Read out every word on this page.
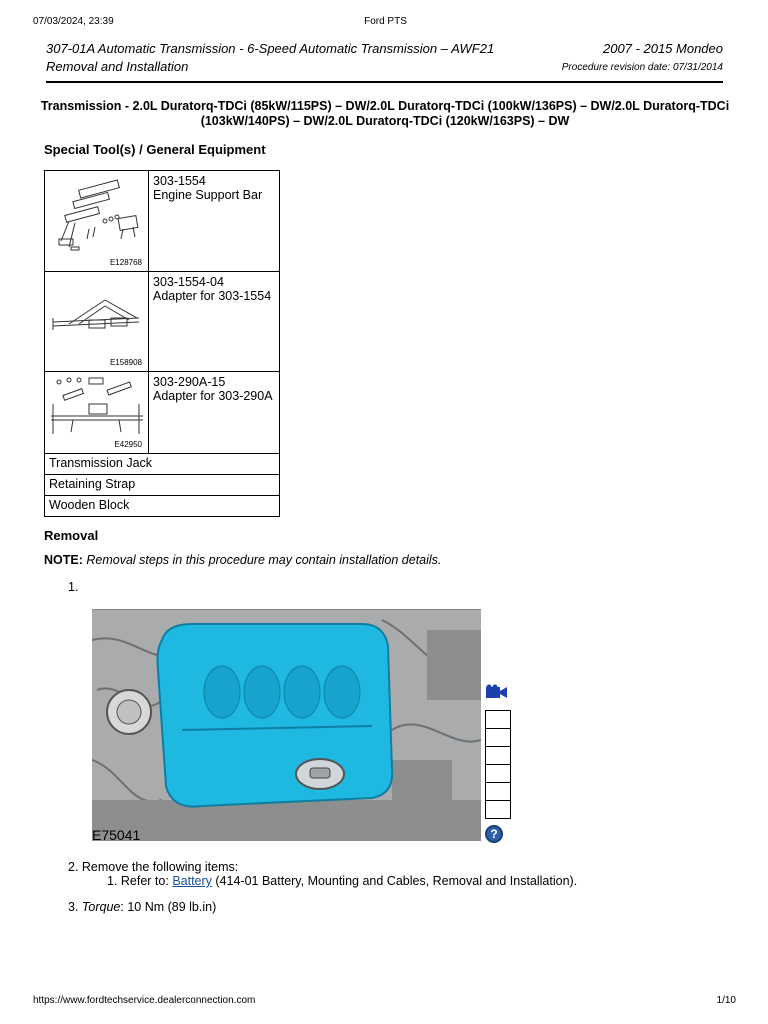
07/03/2024, 23:39	Ford PTS
307-01A Automatic Transmission - 6-Speed Automatic Transmission – AWF21
Removal and Installation
2007 - 2015 Mondeo
Procedure revision date: 07/31/2014
Transmission - 2.0L Duratorq-TDCi (85kW/115PS) – DW/2.0L Duratorq-TDCi (100kW/136PS) – DW/2.0L Duratorq-TDCi (103kW/140PS) – DW/2.0L Duratorq-TDCi (120kW/163PS) – DW
Special Tool(s) / General Equipment
E128768	303-1554
Engine Support Bar

E158908	303-1554-04
Adapter for 303-1554

E42950	303-290A-15
Adapter for 303-290A

Transmission Jack	
Retaining Strap	
Wooden Block	
Removal
NOTE: Removal steps in this procedure may contain installation details.
1.
E75041	?
2. Remove the following items:
1. Refer to: Battery (414-01 Battery, Mounting and Cables, Removal and Installation).
3. Torque: 10 Nm (89 lb.in)
https://www.fordtechservice.dealerconnection.com	1/10
